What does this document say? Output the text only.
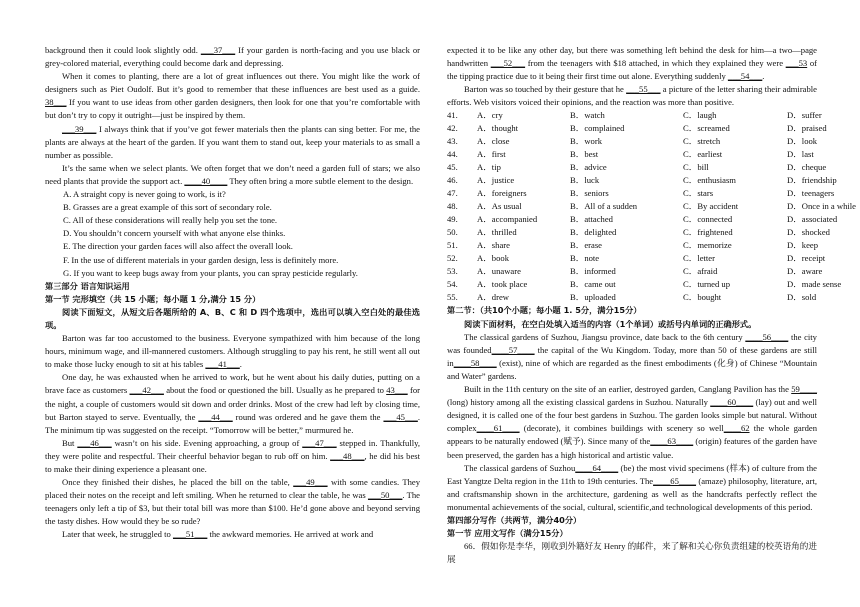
background then it could look slightly odd. ___37___ If your garden is north-facing and you use black or grey-colored material, everything could become dark and depressing.

When it comes to planting, there are a lot of great influences out there. You might like the work of designers such as Piet Oudolf. But it’s good to remember that these influences are best used as a guide. 38___ If you want to use ideas from other garden designers, then look for one that you’re comfortable with but don’t try to copy it outright—just be inspired by them.

___39___ I always think that if you’ve got fewer materials then the plants can sing better. For me, the plants are always at the heart of the garden. If you want them to stand out, keep your materials to as small a number as possible.

It’s the same when we select plants. We often forget that we don’t need a garden full of stars; we also need plants that provide the support act. ____40____ They often bring a more subtle element to the design.

A. A straight copy is never going to work, is it?

B. Grasses are a great example of this sort of secondary role.

C. All of these considerations will really help you set the tone.

D. You shouldn’t concern yourself with what anyone else thinks.

E. The direction your garden faces will also affect the overall look.

F. In the use of different materials in your garden design, less is definitely more.

G. If you want to keep bugs away from your plants, you can spray pesticide regularly.

第三部分 语言知识运用

第一节 完形填空（共 15 小题；每小题 1 分,满分 15 分）

阅读下面短文，从短文后各题所给的 A、B、C 和 D 四个选项中，选出可以填入空白处的最佳选项。

Barton was far too accustomed to the business. Everyone sympathized with him because of the long hours, minimum wage, and ill-mannered customers. Although struggling to pay his rent, he still went all out to make those lucky enough to sit at his tables ___41___.

One day, he was exhausted when he arrived to work, but he went about his daily duties, putting on a brave face as customers ___42___ about the food or questioned the bill. Usually as he prepared to 43___ for the night, a couple of customers would sit down and order drinks. Most of the crew had left by closing time, but Barton stayed to serve. Eventually, the ___44___ round was ordered and he gave them the ___45___. The minimum tip was suggested on the receipt. “Tomorrow will be better,” murmured he.

But ___46___ wasn’t on his side. Evening approaching, a group of ___47___ stepped in. Thankfully, they were polite and respectful. Their cheerful behavior began to rub off on him. ___48___, he did his best to make their dining experience a pleasant one.

Once they finished their dishes, he placed the bill on the table, ___49___ with some candies. They placed their notes on the receipt and left smiling. When he returned to clear the table, he was ___50___. The teenagers only left a tip of $3, but their total bill was more than $100. He’d gone above and beyond serving the tasty dishes. How would they be so rude?

Later that week, he struggled to ___51___ the awkward memories. He arrived at work and

expected it to be like any other day, but there was something left behind the desk for him—a two—page handwritten ___52___ from the teenagers with $18 attached, in which they explained they were ___53 of the tipping practice due to it being their first time out alone. Everything suddenly ___54___.

Barton was so touched by their gesture that he ___55___ a picture of the letter sharing their admirable efforts. Web visitors voiced their opinions, and the reaction was more than positive.

41.	A．cry	B．watch	C．laugh	D．suffer
42.	A．thought	B．complained	C．screamed	D．praised
43.	A．close	B．work	C．stretch	D．look
44.	A．first	B．best	C．earliest	D．last
45.	A．tip	B．advice	C．bill	D．cheque
46.	A．justice	B．luck	C．enthusiasm	D．friendship
47.	A．foreigners	B．seniors	C．stars	D．teenagers
48.	A．As usual	B．All of a sudden	C．By accident	D．Once in a while
49.	A．accompanied	B．attached	C．connected	D．associated
50.	A．thrilled	B．delighted	C．frightened	D．shocked
51.	A．share	B．erase	C．memorize	D．keep
52.	A．book	B．note	C．letter	D．receipt
53.	A．unaware	B．informed	C．afraid	D．aware
54.	A．took place	B．came out	C．turned up	D．made sense
55.	A．drew	B．uploaded	C．bought	D．sold

第二节：（共10个小题；每小题 1. 5分，满分15分）

阅读下面材料，在空白处填入适当的内容（1个单词）或括号内单词的正确形式。

The classical gardens of Suzhou, Jiangsu province, date back to the 6th century ____56____ the city was founded____57____ the capital of the Wu Kingdom. Today, more than 50 of these gardens are still in____58____ (exist), nine of which are regarded as the finest embodiments (化身) of Chinese “Mountain and Water” gardens.

Built in the 11th century on the site of an earlier, destroyed garden, Canglang Pavilion has the 59____ (long) history among all the existing classical gardens in Suzhou. Naturally ____60____ (lay) out and well designed, it is called one of the four best gardens in Suzhou. The garden looks simple but natural. Without complex____61____ (decorate), it combines buildings with scenery so well____62 the whole garden appears to be naturally endowed (赋予). Since many of the____63____ (origin) features of the garden have been preserved, the garden has a high historical and artistic value.

The classical gardens of Suzhou____64____ (be) the most vivid specimens (样本) of culture from the East Yangtze Delta region in the 11th to 19th centuries. The____65____ (amaze) philosophy, literature, art, and craftsmanship shown in the architecture, gardening as well as the handcrafts perfectly reflect the monumental achievements of the social, cultural, scientific,and technological developments of this period.

第四部分写作（共两节，满分40分）

第一节 应用文写作（满分15分）

66．假如你是李华，刚收到外籍好友 Henry 的邮件，来了解和关心你负责组建的校英语角的进展
